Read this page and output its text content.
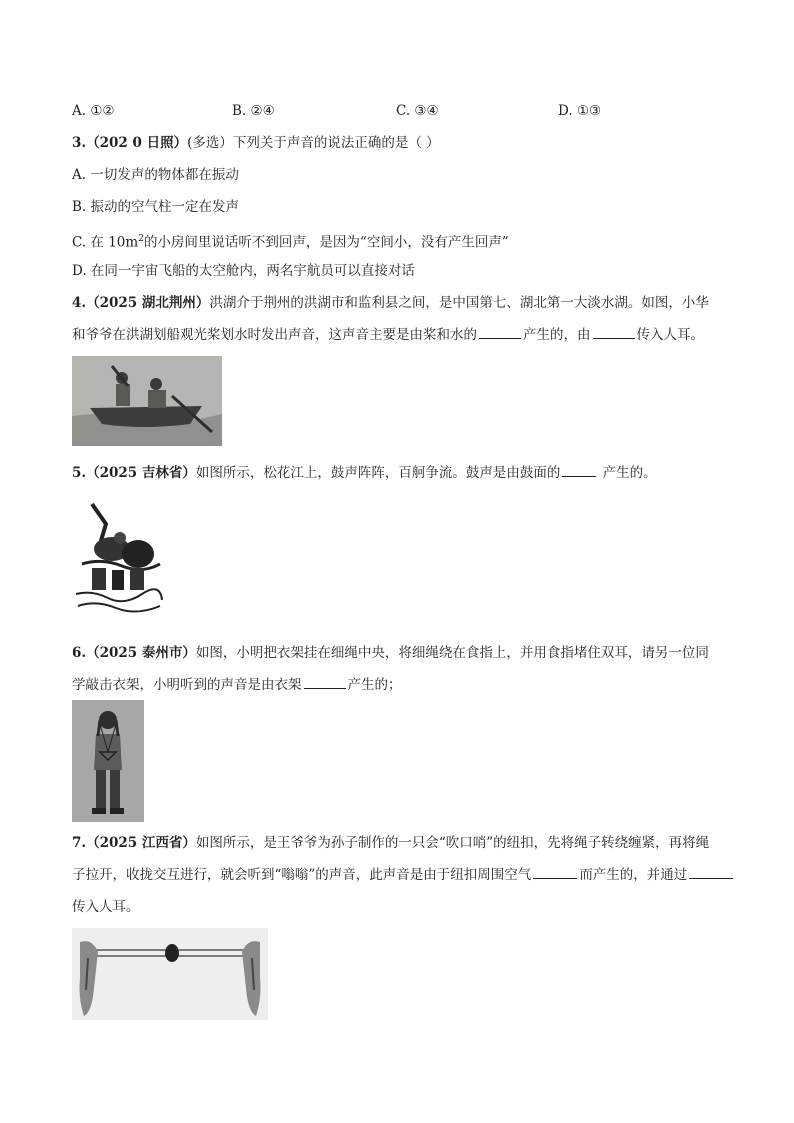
A. ①②	B. ②④	C. ③④	D. ①③
3.（202 0 日照）(多选）下列关于声音的说法正确的是（ ）
A. 一切发声的物体都在振动
B. 振动的空气柱一定在发声
C. 在 $10m^2$的小房间里说话听不到回声，是因为“空间小，没有产生回声”
D. 在同一宇宙飞船的太空舱内，两名宇航员可以直接对话
4.（2025 湖北荆州）洪湖介于荆州的洪湖市和监利县之间，是中国第七、湖北第一大淡水湖。如图，小华
和爷爷在洪湖划船观光桨划水时发出声音，这声音主要是由桨和水的	产生的，由	传入人耳。
5.（2025 吉林省）如图所示，松花江上，鼓声阵阵，百舸争流。鼓声是由鼓面的	产生的。
6.（2025 泰州市）如图，小明把衣架挂在细绳中央，将细绳绕在食指上，并用食指堵住双耳，请另一位同
学敲击衣架，小明听到的声音是由衣架	产生的；
7.（2025 江西省）如图所示，是王爷爷为孙子制作的一只会“吹口哨”的纽扣，先将绳子转绕缠紧，再将绳
子拉开，收拢交互进行，就会听到“嗡嗡”的声音，此声音是由于纽扣周围空气	而产生的，并通过
传入人耳。
